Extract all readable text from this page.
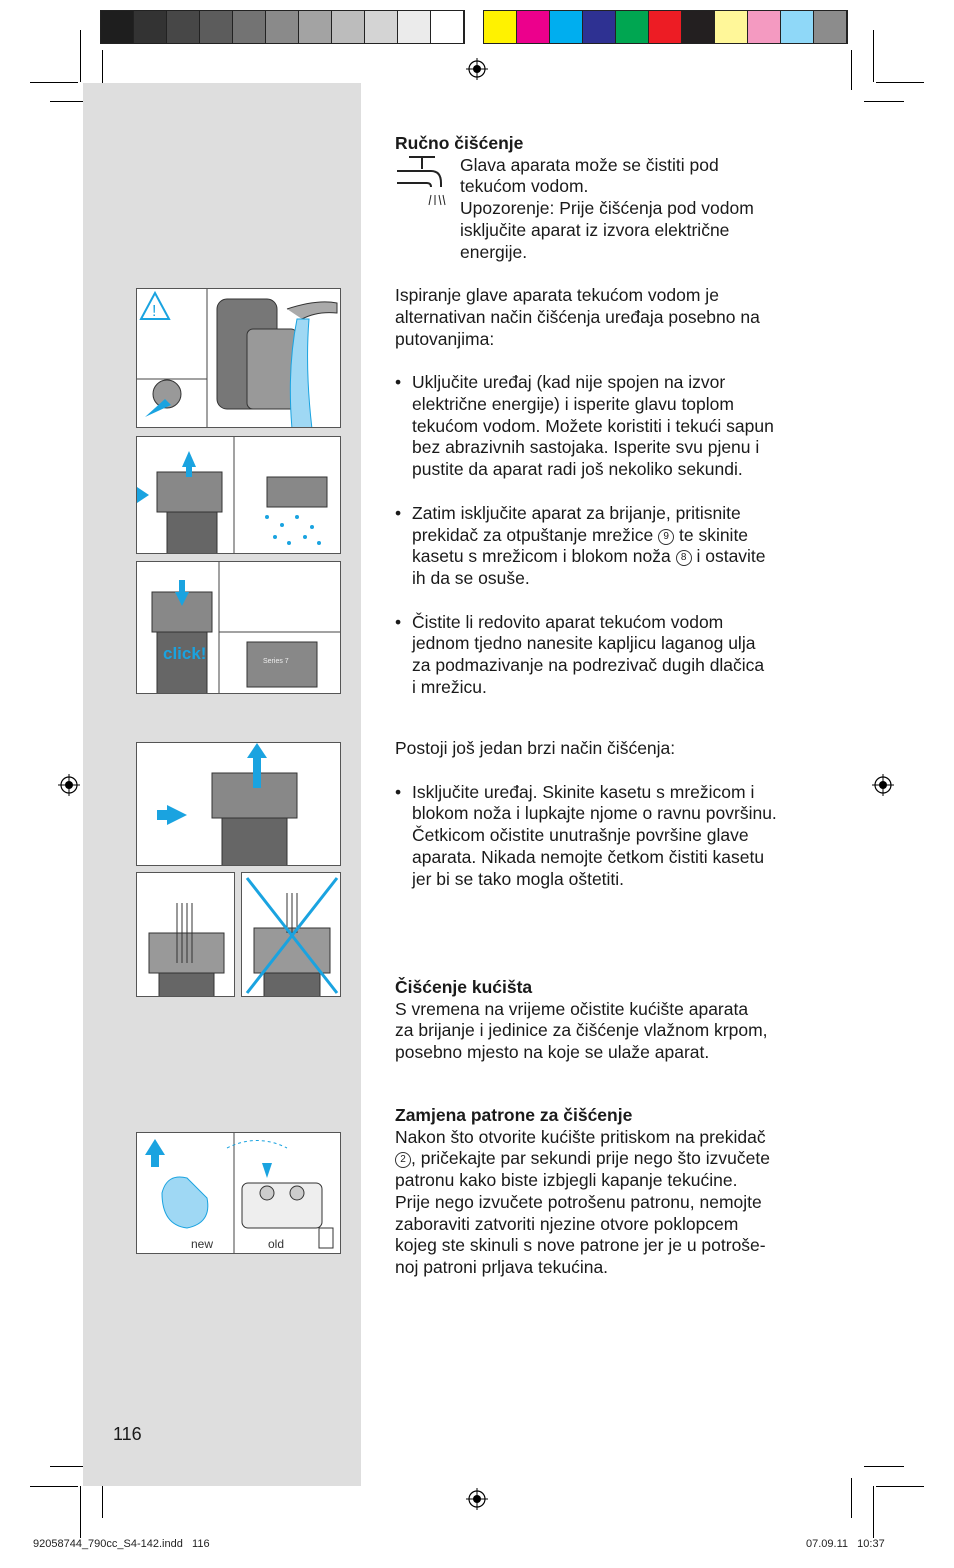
!
click!	Series 7
new	old

Ručno čišćenje

Glava aparata može se čistiti pod

tekućom vodom.

Upozorenje: Prije čišćenja pod vodom

isključite aparat iz izvora električne

energije.

Ispiranje glave aparata tekućom vodom je

alternativan način čišćenja uređaja posebno na

putovanjima:

• Uključite uređaj (kad nije spojen na izvor

električne energije) i isperite glavu toplom

tekućom vodom. Možete koristiti i tekući sapun

bez abrazivnih sastojaka. Isperite svu pjenu i

pustite da aparat radi još nekoliko sekundi.

• Zatim isključite aparat za brijanje, pritisnite

prekidač za otpuštanje mrežice 9 te skinite

kasetu s mrežicom i blokom noža 8 i ostavite

ih da se osuše.

• Čistite li redovito aparat tekućom vodom

jednom tjedno nanesite kapljicu laganog ulja

za podmazivanje na podrezivač dugih dlačica

i mrežicu.

Postoji još jedan brzi način čišćenja:

• Isključite uređaj. Skinite kasetu s mrežicom i

blokom noža i lupkajte njome o ravnu površinu.

Četkicom očistite unutrašnje površine glave

aparata. Nikada nemojte četkom čistiti kasetu

jer bi se tako mogla oštetiti.

Čišćenje kućišta

S vremena na vrijeme očistite kućište aparata

za brijanje i jedinice za čišćenje vlažnom krpom,

posebno mjesto na koje se ulaže aparat.

Zamjena patrone za čišćenje

Nakon što otvorite kućište pritiskom na prekidač

2 , pričekajte par sekundi prije nego što izvučete

patronu kako biste izbjegli kapanje tekućine.

Prije nego izvučete potrošenu patronu, nemojte

zaboraviti zatvoriti njezine otvore poklopcem

kojeg ste skinuli s nove patrone jer je u potroše-

noj patroni prljava tekućina.

116
92058744_790cc_S4-142.indd   116	07.09.11   10:37
